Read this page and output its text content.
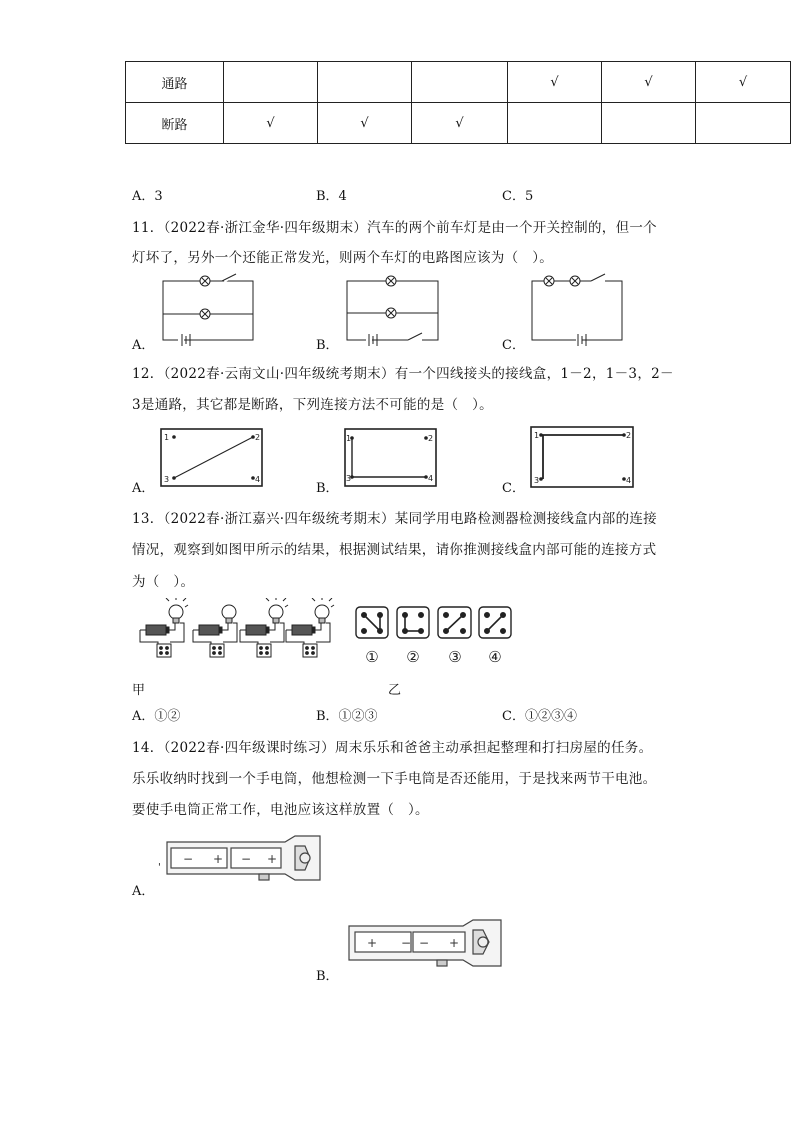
通路				√	√	√
断路	√	√	√			
A．3	B．4	C．5
11．（2022春·浙江金华·四年级期末）汽车的两个前车灯是由一个开关控制的，但一个
灯坏了，另外一个还能正常发光，则两个车灯的电路图应该为（　）。
A．	B．	C．
12．（2022春·云南文山·四年级统考期末）有一个四线接头的接线盒，1－2，1－3，2－
3是通路，其它都是断路，下列连接方法不可能的是（　）。
1	2
3	4
1	2
3	4
1	2
3	4
A．	B．	C．
13．（2022春·浙江嘉兴·四年级统考期末）某同学用电路检测器检测接线盒内部的连接
情况，观察到如图甲所示的结果，根据测试结果，请你推测接线盒内部可能的连接方式
为（　）。
① ② ③ ④
甲	乙
A．①②	B．①②③	C．①②③④
14．（2022春·四年级课时练习）周末乐乐和爸爸主动承担起整理和打扫房屋的任务。
乐乐收纳时找到一个手电筒，他想检测一下手电筒是否还能用，于是找来两节干电池。
要使手电筒正常工作，电池应该这样放置（　）。
'
− + − +
A．
+ − − +
B．
